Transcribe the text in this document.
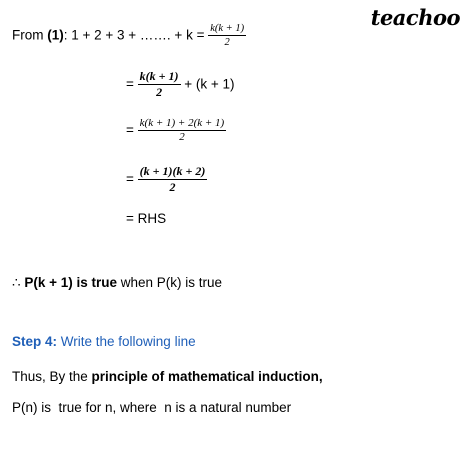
teachoo
From (1): 1 + 2 + 3 + ……. + $k = \frac{k(k + 1)}{2}$
= $\frac{k(k + 1)}{2} + (k + 1)$
= $\frac{k(k + 1) + 2(k + 1)}{2}$
= $\frac{(k + 1)(k + 2)}{2}$
= RHS
∴ P(k + 1) is true when P(k) is true
Step 4: Write the following line
Thus, By the principle of mathematical induction,
P(n) is  true for n, where  n is a natural number
